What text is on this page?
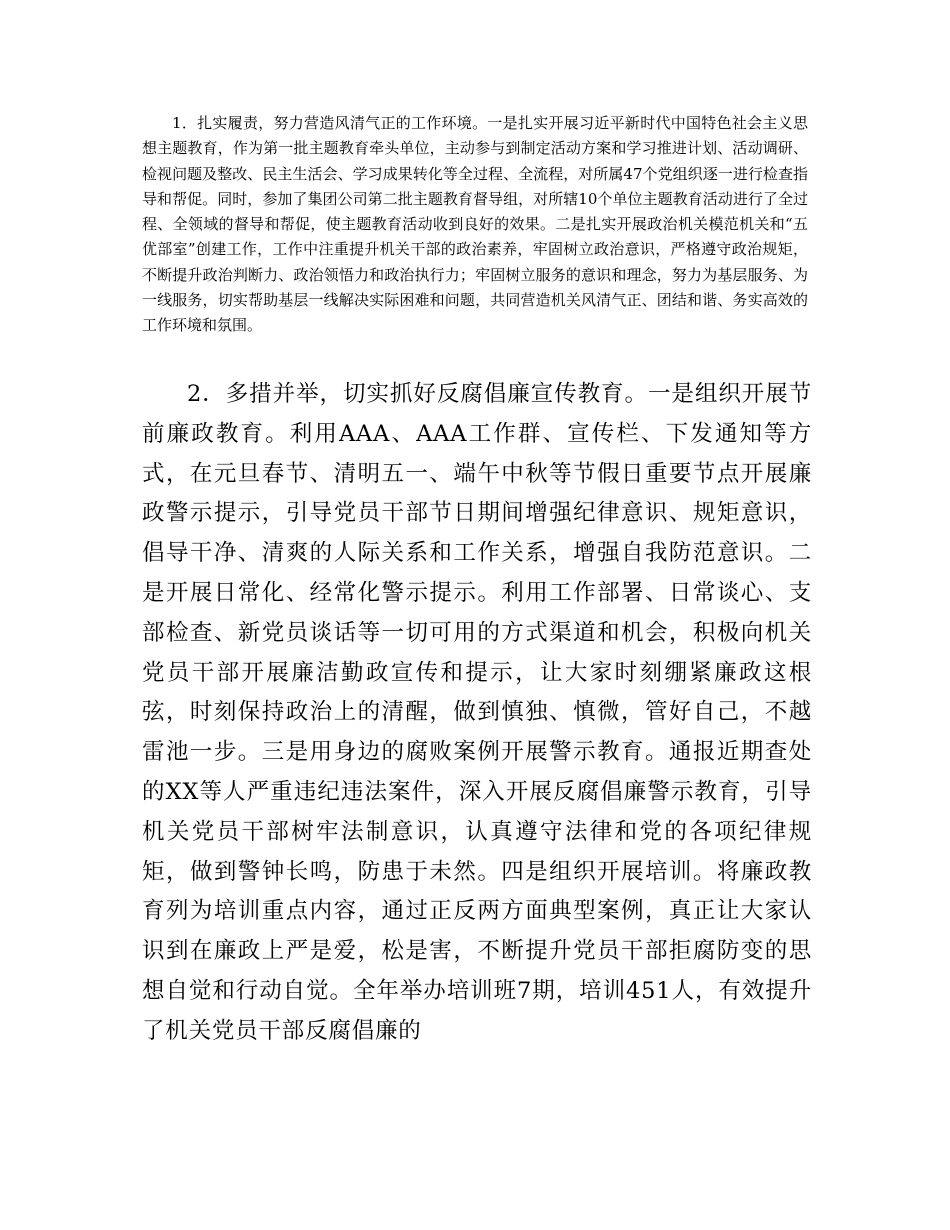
1．扎实履责，努力营造风清气正的工作环境。一是扎实开展习近平新时代中国特色社会主义思想主题教育，作为第一批主题教育牵头单位，主动参与到制定活动方案和学习推进计划、活动调研、检视问题及整改、民主生活会、学习成果转化等全过程、全流程，对所属47个党组织逐一进行检查指导和帮促。同时，参加了集团公司第二批主题教育督导组，对所辖10个单位主题教育活动进行了全过程、全领域的督导和帮促，使主题教育活动收到良好的效果。二是扎实开展政治机关模范机关和“五优部室”创建工作，工作中注重提升机关干部的政治素养，牢固树立政治意识，严格遵守政治规矩，不断提升政治判断力、政治领悟力和政治执行力；牢固树立服务的意识和理念，努力为基层服务、为一线服务，切实帮助基层一线解决实际困难和问题，共同营造机关风清气正、团结和谐、务实高效的工作环境和氛围。

2．多措并举，切实抓好反腐倡廉宣传教育。一是组织开展节前廉政教育。利用AAA、AAA工作群、宣传栏、下发通知等方式，在元旦春节、清明五一、端午中秋等节假日重要节点开展廉政警示提示，引导党员干部节日期间增强纪律意识、规矩意识，倡导干净、清爽的人际关系和工作关系，增强自我防范意识。二是开展日常化、经常化警示提示。利用工作部署、日常谈心、支部检查、新党员谈话等一切可用的方式渠道和机会，积极向机关党员干部开展廉洁勤政宣传和提示，让大家时刻绷紧廉政这根弦，时刻保持政治上的清醒，做到慎独、慎微，管好自己，不越雷池一步。三是用身边的腐败案例开展警示教育。通报近期查处的XX等人严重违纪违法案件，深入开展反腐倡廉警示教育，引导机关党员干部树牢法制意识，认真遵守法律和党的各项纪律规矩，做到警钟长鸣，防患于未然。四是组织开展培训。将廉政教育列为培训重点内容，通过正反两方面典型案例，真正让大家认识到在廉政上严是爱，松是害，不断提升党员干部拒腐防变的思想自觉和行动自觉。全年举办培训班7期，培训451人，有效提升了机关党员干部反腐倡廉的
